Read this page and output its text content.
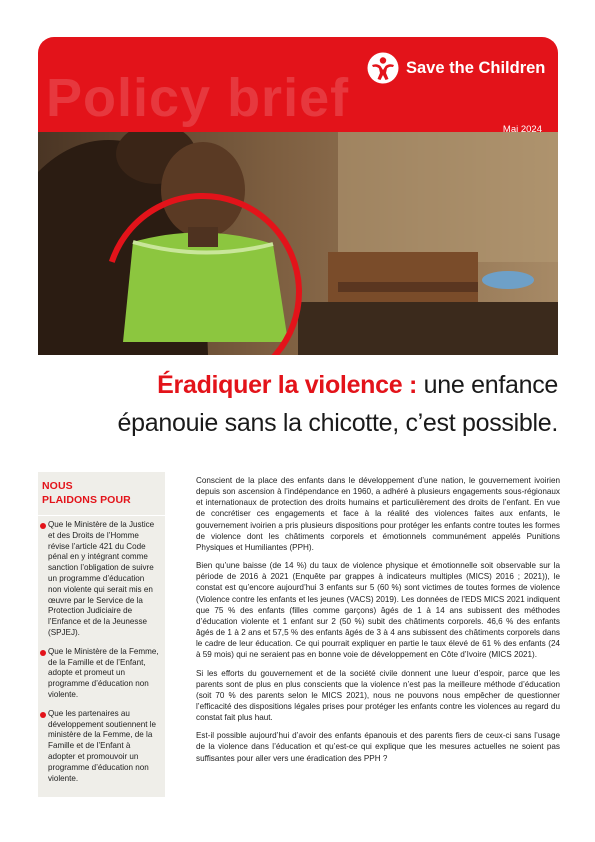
Policy brief
Save the Children
Mai 2024
Éradiquer la violence : une enfance
épanouie sans la chicotte, c’est possible.
NOUS
PLAIDONS POUR
Que le Ministère de la Justice et des Droits de l’Homme révise l’article 421 du Code pénal en y intégrant comme sanction l’obligation de suivre un programme d’éducation non violente qui serait mis en œuvre par le Service de la Protection Judiciaire de l’Enfance et de la Jeunesse (SPJEJ).
Que le Ministère de la Femme, de la Famille et de l’Enfant, adopte et promeut un programme d’éducation non violente.
Que les partenaires au développement soutiennent le ministère de la Femme, de la Famille et de l’Enfant à adopter et promouvoir un programme d’éducation non violente.

Conscient de la place des enfants dans le développement d’une nation, le gouvernement ivoirien depuis son ascension à l’indépendance en 1960, a adhéré à plusieurs engagements sous-régionaux et internationaux de protection des droits humains et particulièrement des droits de l’enfant. En vue de concrétiser ces engagements et face à la réalité des violences faites aux enfants, le gouvernement ivoirien a pris plusieurs dispositions pour protéger les enfants contre toutes les formes de violence dont les châtiments corporels et émotionnels communément appelés Punitions Physiques et Humiliantes (PPH).

Bien qu’une baisse (de 14 %) du taux de violence physique et émotionnelle soit observable sur la période de 2016 à 2021 (Enquête par grappes à indicateurs multiples (MICS) 2016 ; 2021)), le constat est qu’encore aujourd’hui 3 enfants sur 5 (60 %) sont victimes de toutes formes de violence (Violence contre les enfants et les jeunes (VACS) 2019). Les données de l’EDS MICS 2021 indiquent que 75 % des enfants (filles comme garçons) âgés de 1 à 14 ans subissent des méthodes d’éducation violente et 1 enfant sur 2 (50 %) subit des châtiments corporels. 46,6 % des enfants âgés de 1 à 2 ans et 57,5 % des enfants âgés de 3 à 4 ans subissent des châtiments corporels dans le cadre de leur éducation. Ce qui pourrait expliquer en partie le taux élevé de 61 % des enfants (24 à 59 mois) qui ne seraient pas en bonne voie de développement en Côte d’Ivoire (MICS 2021).

Si les efforts du gouvernement et de la société civile donnent une lueur d’espoir, parce que les parents sont de plus en plus conscients que la violence n’est pas la meilleure méthode d’éducation (soit 70 % des parents selon le MICS 2021), nous ne pouvons nous empêcher de questionner l’efficacité des dispositions légales prises pour protéger les enfants contre les violences au regard du constat fait plus haut.

Est-il possible aujourd’hui d’avoir des enfants épanouis et des parents fiers de ceux-ci sans l’usage de la violence dans l’éducation et qu’est-ce qui explique que les mesures actuelles ne soient pas suffisantes pour aller vers une éradication des PPH ?
